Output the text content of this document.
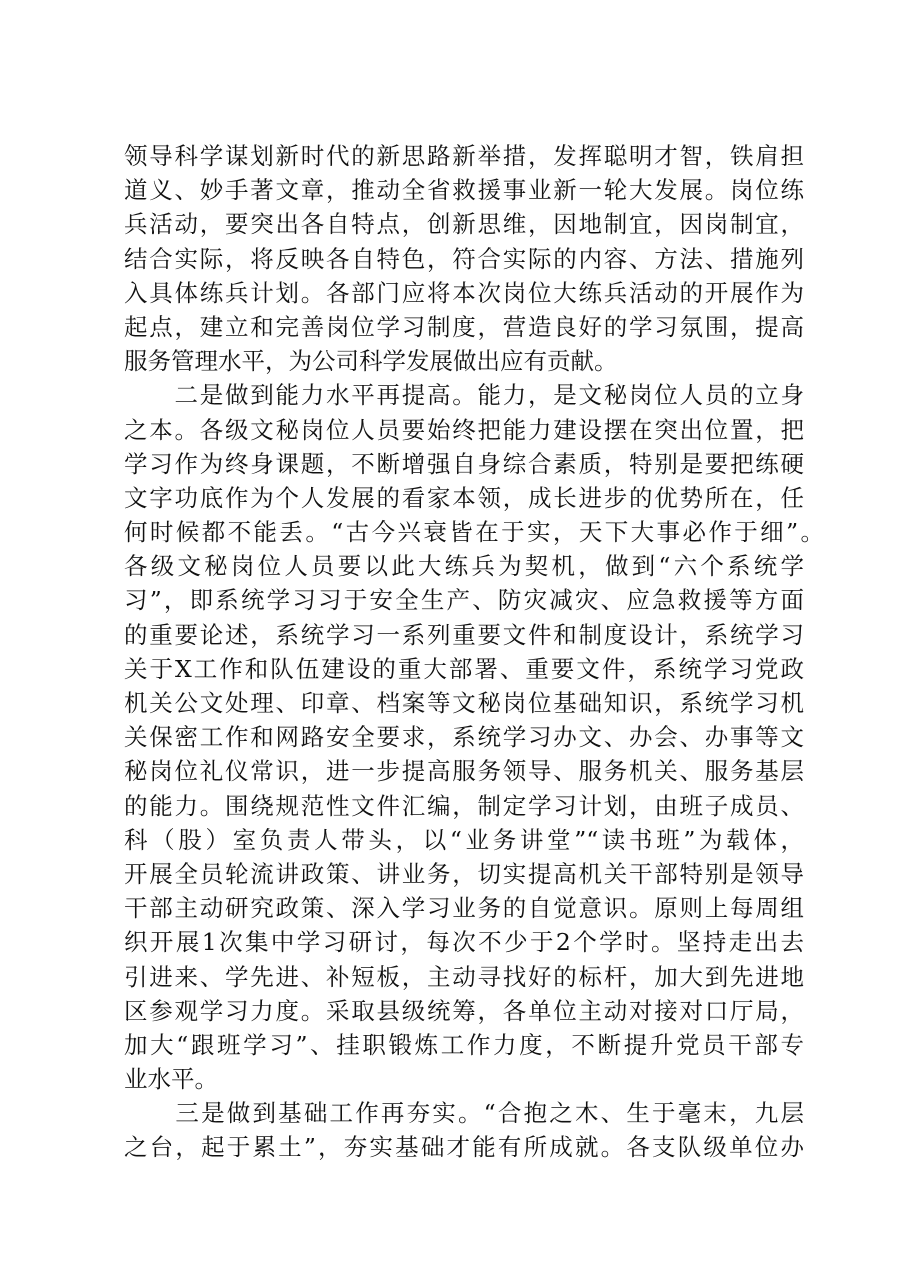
领导科学谋划新时代的新思路新举措，发挥聪明才智，铁肩担
道义、妙手著文章，推动全省救援事业新一轮大发展。岗位练
兵活动，要突出各自特点，创新思维，因地制宜，因岗制宜，
结合实际，将反映各自特色，符合实际的内容、方法、措施列
入具体练兵计划。各部门应将本次岗位大练兵活动的开展作为
起点，建立和完善岗位学习制度，营造良好的学习氛围，提高
服务管理水平，为公司科学发展做出应有贡献。
　　二是做到能力水平再提高。能力，是文秘岗位人员的立身
之本。各级文秘岗位人员要始终把能力建设摆在突出位置，把
学习作为终身课题，不断增强自身综合素质，特别是要把练硬
文字功底作为个人发展的看家本领，成长进步的优势所在，任
何时候都不能丢。“古今兴衰皆在于实，天下大事必作于细”。
各级文秘岗位人员要以此大练兵为契机，做到“六个系统学
习”，即系统学习习于安全生产、防灾减灾、应急救援等方面
的重要论述，系统学习一系列重要文件和制度设计，系统学习
关于X工作和队伍建设的重大部署、重要文件，系统学习党政
机关公文处理、印章、档案等文秘岗位基础知识，系统学习机
关保密工作和网路安全要求，系统学习办文、办会、办事等文
秘岗位礼仪常识，进一步提高服务领导、服务机关、服务基层
的能力。围绕规范性文件汇编，制定学习计划，由班子成员、
科（股）室负责人带头，以“业务讲堂”“读书班”为载体，
开展全员轮流讲政策、讲业务，切实提高机关干部特别是领导
干部主动研究政策、深入学习业务的自觉意识。原则上每周组
织开展1次集中学习研讨，每次不少于2个学时。坚持走出去
引进来、学先进、补短板，主动寻找好的标杆，加大到先进地
区参观学习力度。采取县级统筹，各单位主动对接对口厅局，
加大“跟班学习”、挂职锻炼工作力度，不断提升党员干部专
业水平。
　　三是做到基础工作再夯实。“合抱之木、生于毫末，九层
之台，起于累土”，夯实基础才能有所成就。各支队级单位办
